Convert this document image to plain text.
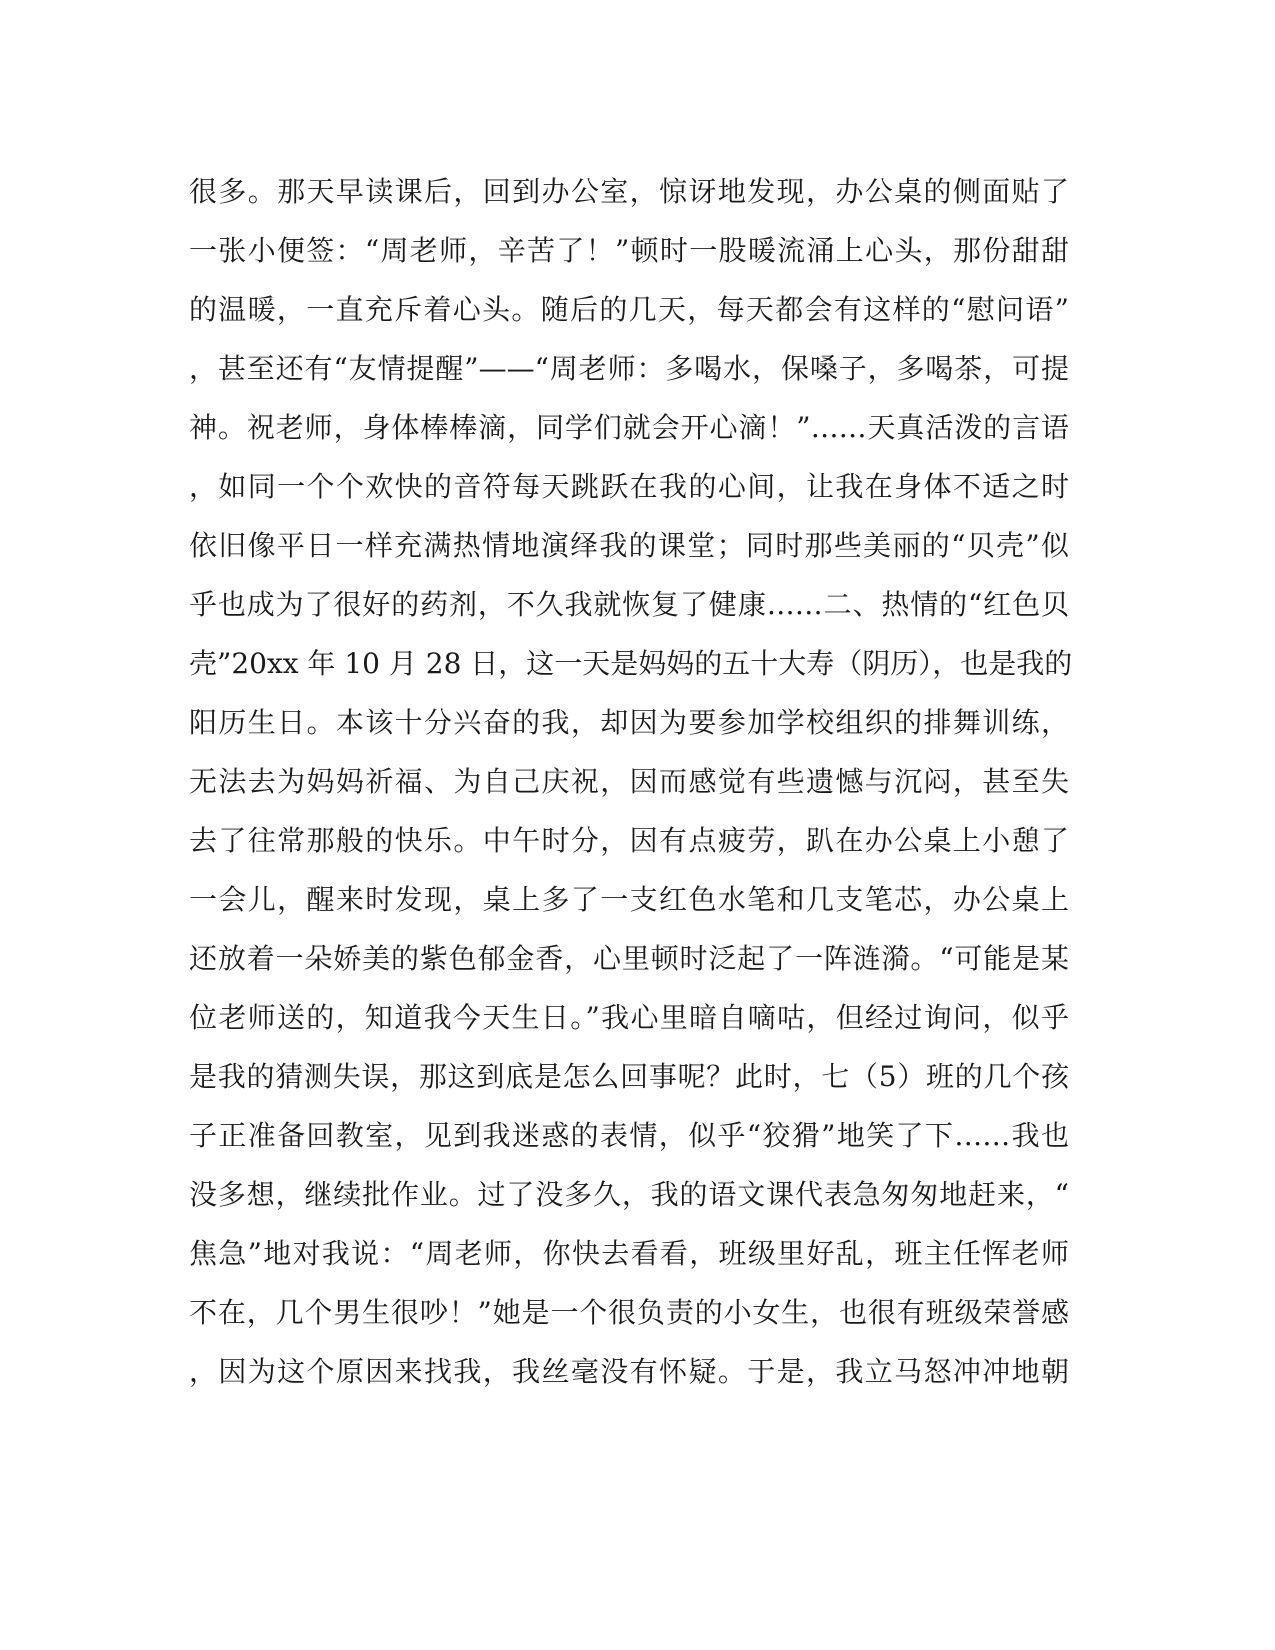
很多。那天早读课后，回到办公室，惊讶地发现，办公桌的侧面贴了
一张小便签：“周老师，辛苦了！”顿时一股暖流涌上心头，那份甜甜
的温暖，一直充斥着心头。随后的几天，每天都会有这样的“慰问语”
，甚至还有“友情提醒”——“周老师：多喝水，保嗓子，多喝茶，可提
神。祝老师，身体棒棒滴，同学们就会开心滴！”……天真活泼的言语
，如同一个个欢快的音符每天跳跃在我的心间，让我在身体不适之时
依旧像平日一样充满热情地演绎我的课堂；同时那些美丽的“贝壳”似
乎也成为了很好的药剂，不久我就恢复了健康……二、热情的“红色贝
壳”20xx 年 10 月 28 日，这一天是妈妈的五十大寿（阴历），也是我的
阳历生日。本该十分兴奋的我，却因为要参加学校组织的排舞训练，
无法去为妈妈祈福、为自己庆祝，因而感觉有些遗憾与沉闷，甚至失
去了往常那般的快乐。中午时分，因有点疲劳，趴在办公桌上小憩了
一会儿，醒来时发现，桌上多了一支红色水笔和几支笔芯，办公桌上
还放着一朵娇美的紫色郁金香，心里顿时泛起了一阵涟漪。“可能是某
位老师送的，知道我今天生日。”我心里暗自嘀咕，但经过询问，似乎
是我的猜测失误，那这到底是怎么回事呢？此时，七（5）班的几个孩
子正准备回教室，见到我迷惑的表情，似乎“狡猾”地笑了下……我也
没多想，继续批作业。过了没多久，我的语文课代表急匆匆地赶来，“
焦急”地对我说：“周老师，你快去看看，班级里好乱，班主任恽老师
不在，几个男生很吵！”她是一个很负责的小女生，也很有班级荣誉感
，因为这个原因来找我，我丝毫没有怀疑。于是，我立马怒冲冲地朝
